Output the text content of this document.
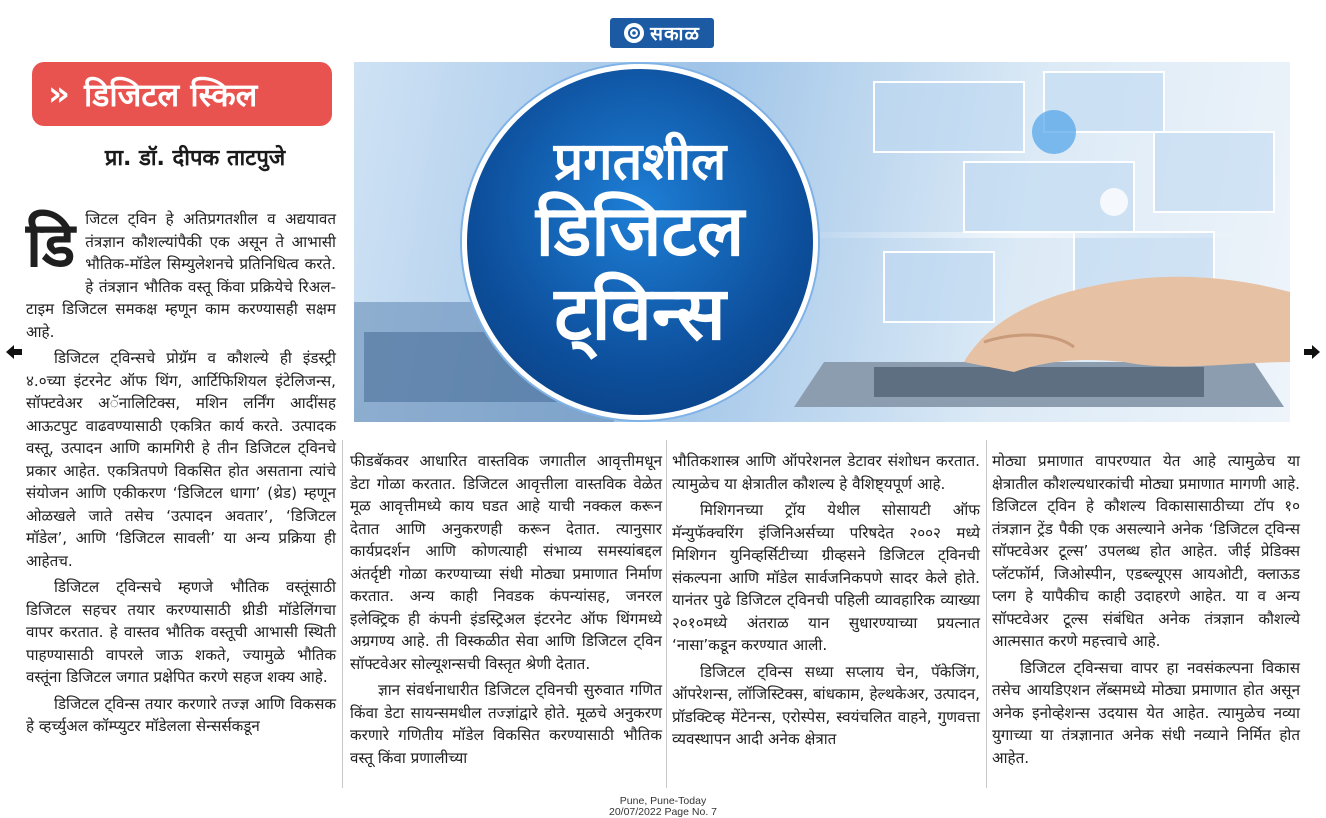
सकाळ
» डिजिटल स्किल
प्रा. डॉ. दीपक ताटपुजे	प्रगतशील
डिजिटल
ट्विन्स

डिजिटल ट्विन हे अतिप्रगतशील व अद्ययावत तंत्रज्ञान कौशल्यांपैकी एक असून ते आभासी भौतिक-मॉडेल सिम्युलेशनचे प्रतिनिधित्व करते. हे तंत्रज्ञान भौतिक वस्तू किंवा प्रक्रियेचे रिअल-टाइम डिजिटल समकक्ष म्हणून काम करण्यासही सक्षम आहे.

डिजिटल ट्विन्सचे प्रोग्रॅम व कौशल्ये ही इंडस्ट्री ४.०च्या इंटरनेट ऑफ थिंग, आर्टिफिशियल इंटेलिजन्स, सॉफ्टवेअर अॅनालिटिक्स, मशिन लर्निंग आदींसह आऊटपुट वाढवण्यासाठी एकत्रित कार्य करते. उत्पादक वस्तू, उत्पादन आणि कामगिरी हे तीन डिजिटल ट्विनचे प्रकार आहेत. एकत्रितपणे विकसित होत असताना त्यांचे संयोजन आणि एकीकरण ‘डिजिटल धागा’ (थ्रेड) म्हणून ओळखले जाते तसेच ‘उत्पादन अवतार’, ‘डिजिटल मॉडेल’, आणि ‘डिजिटल सावली’ या अन्य प्रक्रिया ही आहेतच.

डिजिटल ट्विन्सचे म्हणजे भौतिक वस्तूंसाठी डिजिटल सहचर तयार करण्यासाठी थ्रीडी मॉडेलिंगचा वापर करतात. हे वास्तव भौतिक वस्तूची आभासी स्थिती पाहण्यासाठी वापरले जाऊ शकते, ज्यामुळे भौतिक वस्तूंना डिजिटल जगात प्रक्षेपित करणे सहज शक्य आहे.

डिजिटल ट्विन्स तयार करणारे तज्ज्ञ आणि विकसक हे व्हर्च्युअल कॉम्प्युटर मॉडेलला सेन्सर्सकडून

फीडबॅकवर आधारित वास्तविक जगातील आवृत्तीमधून डेटा गोळा करतात. डिजिटल आवृत्तीला वास्तविक वेळेत मूळ आवृत्तीमध्ये काय घडत आहे याची नक्कल करून देतात आणि अनुकरणही करून देतात. त्यानुसार कार्यप्रदर्शन आणि कोणत्याही संभाव्य समस्यांबद्दल अंतर्दृष्टी गोळा करण्याच्या संधी मोठ्या प्रमाणात निर्माण करतात. अन्य काही निवडक कंपन्यांसह, जनरल इलेक्ट्रिक ही कंपनी इंडस्ट्रिअल इंटरनेट ऑफ थिंगमध्ये अग्रगण्य आहे. ती विस्कळीत सेवा आणि डिजिटल ट्विन सॉफ्टवेअर सोल्यूशन्सची विस्तृत श्रेणी देतात.

ज्ञान संवर्धनाधारीत डिजिटल ट्विनची सुरुवात गणित किंवा डेटा सायन्समधील तज्ज्ञांद्वारे होते. मूळचे अनुकरण करणारे गणितीय मॉडेल विकसित करण्यासाठी भौतिक वस्तू किंवा प्रणालीच्या

भौतिकशास्त्र आणि ऑपरेशनल डेटावर संशोधन करतात. त्यामुळेच या क्षेत्रातील कौशल्य हे वैशिष्ट्यपूर्ण आहे.

मिशिगनच्या ट्रॉय येथील सोसायटी ऑफ मॅन्युफॅक्चरिंग इंजिनिअर्सच्या परिषदेत २००२ मध्ये मिशिगन युनिव्हर्सिटीच्या ग्रीव्हसने डिजिटल ट्विनची संकल्पना आणि मॉडेल सार्वजनिकपणे सादर केले होते. यानंतर पुढे डिजिटल ट्विनची पहिली व्यावहारिक व्याख्या २०१०मध्ये अंतराळ यान सुधारण्याच्या प्रयत्नात ‘नासा’कडून करण्यात आली.

डिजिटल ट्विन्स सध्या सप्लाय चेन, पॅकेजिंग, ऑपरेशन्स, लॉजिस्टिक्स, बांधकाम, हेल्थकेअर, उत्पादन, प्रॉडक्टिव्ह मेंटेनन्स, एरोस्पेस, स्वयंचलित वाहने, गुणवत्ता व्यवस्थापन आदी अनेक क्षेत्रात

मोठ्या प्रमाणात वापरण्यात येत आहे त्यामुळेच या क्षेत्रातील कौशल्यधारकांची मोठ्या प्रमाणात मागणी आहे. डिजिटल ट्विन हे कौशल्य विकासासाठीच्या टॉप १० तंत्रज्ञान ट्रेंड पैकी एक असल्याने अनेक ‘डिजिटल ट्विन्स सॉफ्टवेअर टूल्स’ उपलब्ध होत आहेत. जीई प्रेडिक्स प्लॅटफॉर्म, जिओस्पीन, एडब्ल्यूएस आयओटी, क्लाऊड प्लग हे यापैकीच काही उदाहरणे आहेत. या व अन्य सॉफ्टवेअर टूल्स संबंधित अनेक तंत्रज्ञान कौशल्ये आत्मसात करणे महत्त्वाचे आहे.

डिजिटल ट्विन्सचा वापर हा नवसंकल्पना विकास तसेच आयडिएशन लॅब्समध्ये मोठ्या प्रमाणात होत असून अनेक इनोव्हेशन्स उदयास येत आहेत. त्यामुळेच नव्या युगाच्या या तंत्रज्ञानात अनेक संधी नव्याने निर्मित होत आहेत.

Pune, Pune-Today
20/07/2022 Page No. 7
